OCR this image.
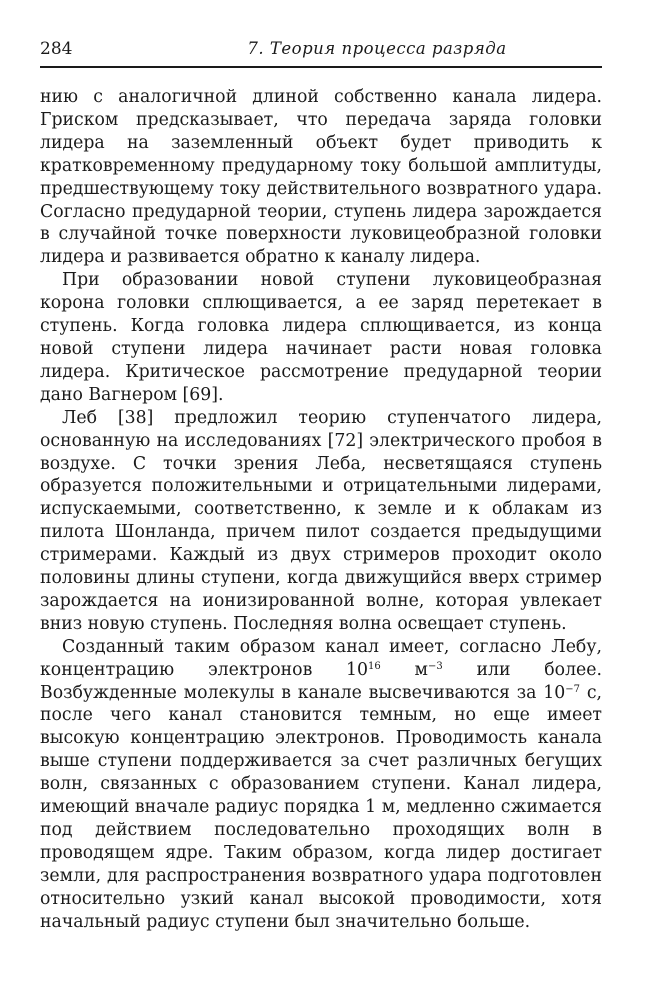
284	7. Теория процесса разряда

нию с аналогичной длиной собственно канала лидера. Гриском предсказывает, что передача заряда головки лидера на заземленный объект будет приводить к кратковременному предударному току большой амплитуды, предшествующему току действительного возвратного удара. Согласно предударной теории, ступень лидера зарождается в случайной точке поверхности луковицеобразной головки лидера и развивается обратно к каналу лидера.

При образовании новой ступени луковицеобразная корона головки сплющивается, а ее заряд перетекает в ступень. Когда головка лидера сплющивается, из конца новой ступени лидера начинает расти новая головка лидера. Критическое рассмотрение предударной теории дано Вагнером [69].

Леб [38] предложил теорию ступенчатого лидера, основанную на исследованиях [72] электрического пробоя в воздухе. С точки зрения Леба, несветящаяся ступень образуется положительными и отрицательными лидерами, испускаемыми, соответственно, к земле и к облакам из пилота Шонланда, причем пилот создается предыдущими стримерами. Каждый из двух стримеров проходит около половины длины ступени, когда движущийся вверх стример зарождается на ионизированной волне, которая увлекает вниз новую ступень. Последняя волна освещает ступень.

Созданный таким образом канал имеет, согласно Лебу, концентрацию электронов $10^{16}$ $м^{-3}$ или более. Возбужденные молекулы в канале высвечиваются за $10^{-7}$ с, после чего канал становится темным, но еще имеет высокую концентрацию электронов. Проводимость канала выше ступени поддерживается за счет различных бегущих волн, связанных с образованием ступени. Канал лидера, имеющий вначале радиус порядка 1 м, медленно сжимается под действием последовательно проходящих волн в проводящем ядре. Таким образом, когда лидер достигает земли, для распространения возвратного удара подготовлен относительно узкий канал высокой проводимости, хотя начальный радиус ступени был значительно больше.
